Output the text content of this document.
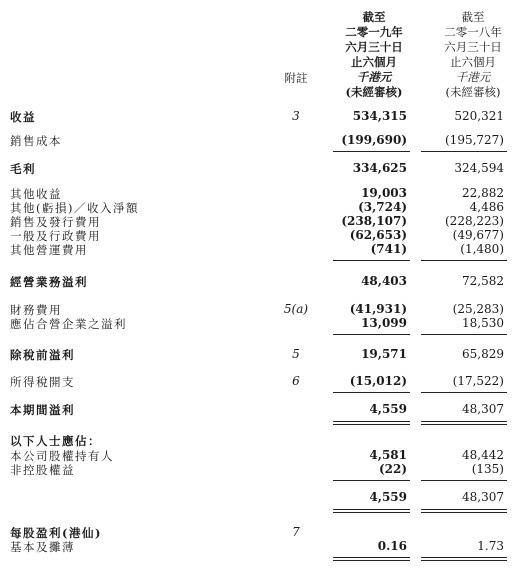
截至
二零一九年
六月三十日
止六個月
千港元
(未經審核)
截至
二零一八年
六月三十日
止六個月
千港元
(未經審核)
附註
收益	3	534,315	520,321
銷售成本	(199,690)	(195,727)
毛利	334,625	324,594
其他收益	19,003	22,882
其他(虧損)／收入淨額	(3,724)	4,486
銷售及發行費用	(238,107)	(228,223)
一般及行政費用	(62,653)	(49,677)
其他營運費用	(741)	(1,480)
經營業務溢利	48,403	72,582
財務費用	5(a)	(41,931)	(25,283)
應佔合營企業之溢利	13,099	18,530
除稅前溢利	5	19,571	65,829
所得稅開支	6	(15,012)	(17,522)
本期間溢利	4,559	48,307
以下人士應佔：
本公司股權持有人	4,581	48,442
非控股權益	(22)	(135)
4,559	48,307
每股盈利(港仙)	7
基本及攤薄	0.16	1.73
